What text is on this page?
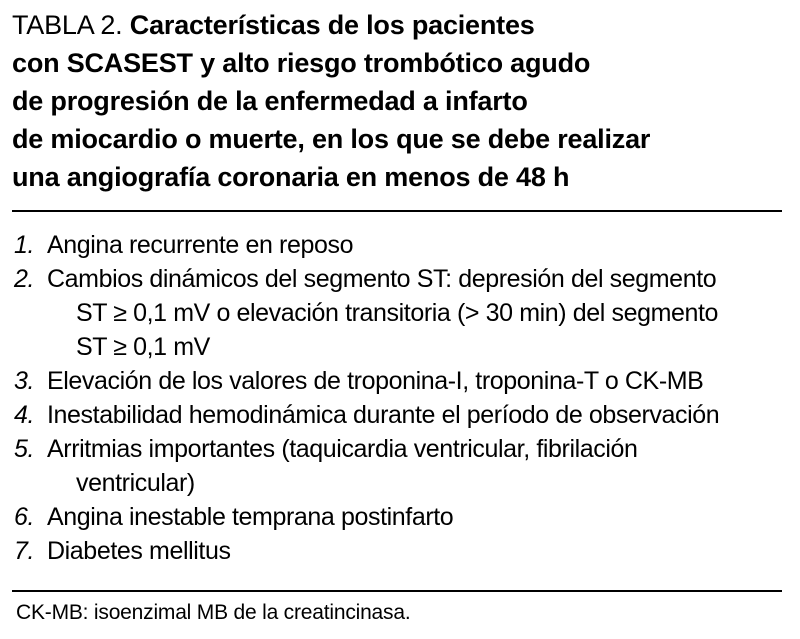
TABLA 2. Características de los pacientes
con SCASEST y alto riesgo trombótico agudo
de progresión de la enfermedad a infarto
de miocardio o muerte, en los que se debe realizar
una angiografía coronaria en menos de 48 h
1. Angina recurrente en reposo
2. Cambios dinámicos del segmento ST: depresión del segmento
ST ≥ 0,1 mV o elevación transitoria (> 30 min) del segmento
ST ≥ 0,1 mV
3. Elevación de los valores de troponina-I, troponina-T o CK-MB
4. Inestabilidad hemodinámica durante el período de observación
5. Arritmias importantes (taquicardia ventricular, fibrilación
ventricular)
6. Angina inestable temprana postinfarto
7. Diabetes mellitus
CK-MB: isoenzimal MB de la creatincinasa.
